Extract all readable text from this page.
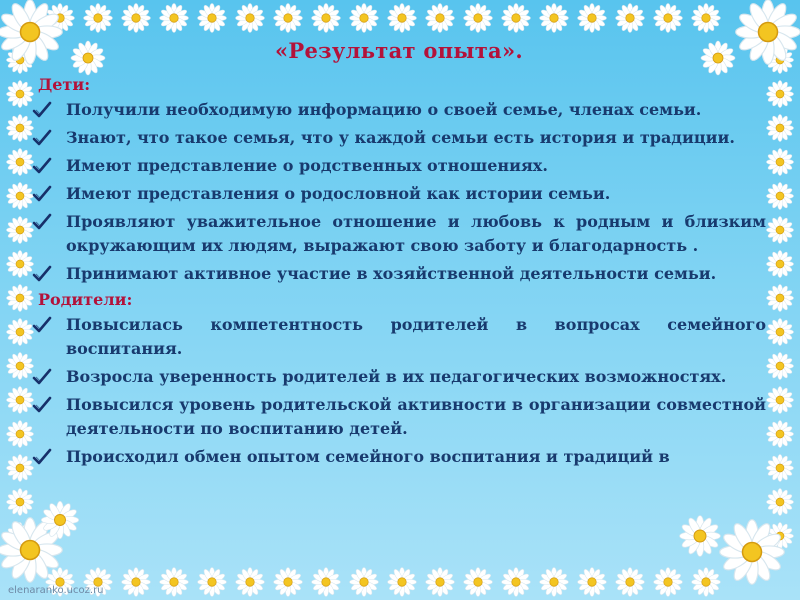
«Результат опыта».
Дети:
Получили необходимую информацию о своей семье, членах семьи.
Знают, что такое семья, что у каждой семьи есть история и традиции.
Имеют представление о родственных отношениях.
Имеют представления о родословной как истории семьи.
Проявляют уважительное отношение и любовь к родным и близким окружающим их людям, выражают свою заботу и благодарность .
Принимают активное участие в хозяйственной деятельности семьи.
Родители:
Повысилась компетентность родителей в вопросах семейного воспитания.
Возросла уверенность родителей в их педагогических возможностях.
Повысился уровень родительской активности в организации совместной деятельности по воспитанию детей.
Происходил обмен опытом семейного воспитания и традиций в
elenaranko.ucoz.ru
